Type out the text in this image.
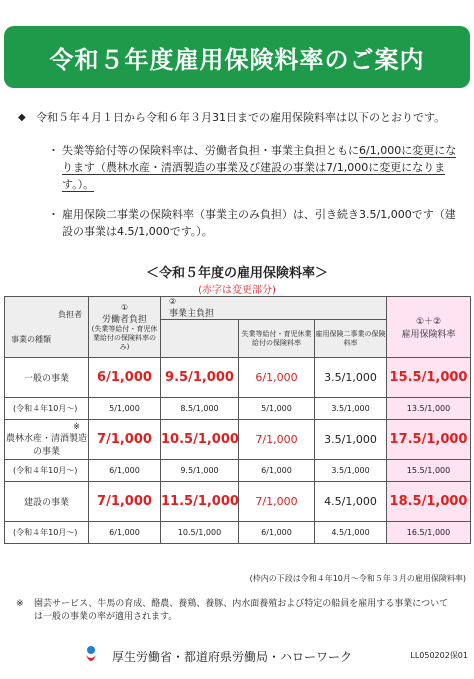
令和５年度雇用保険料率のご案内
◆ 令和５年４月１日から令和６年３月31日までの雇用保険料率は以下のとおりです。
・ 失業等給付等の保険料率は、労働者負担・事業主負担ともに6/1,000に変更になります（農林水産・清酒製造の事業及び建設の事業は7/1,000に変更になります。）。
・ 雇用保険二事業の保険料率（事業主のみ負担）は、引き続き3.5/1,000です（建設の事業は4.5/1,000です。）。
＜令和５年度の雇用保険料率＞
(赤字は変更部分)
負担者
事業の種類	①
労働者負担
(失業等給付・育児休業給付の保険料率のみ)	②
事業主負担			①＋②
雇用保険料率

			失業等給付・育児休業給付の保険料率	雇用保険二事業の保険料率	

一般の事業	6/1,000	9.5/1,000	6/1,000	3.5/1,000	15.5/1,000
(令和４年10月～)	5/1,000	8.5/1,000	5/1,000	3.5/1,000	13.5/1,000

※
農林水産・清酒製造の事業	7/1,000	10.5/1,000	7/1,000	3.5/1,000	17.5/1,000
(令和４年10月～)	6/1,000	9.5/1,000	6/1,000	3.5/1,000	15.5/1,000
建設の事業	7/1,000	11.5/1,000	7/1,000	4.5/1,000	18.5/1,000
(令和４年10月～)	6/1,000	10.5/1,000	6/1,000	4.5/1,000	16.5/1,000
(枠内の下段は令和４年10月～令和５年３月の雇用保険料率)
※ 園芸サービス、牛馬の育成、酪農、養鶏、養豚、内水面養殖および特定の船員を雇用する事業については一般の事業の率が適用されます。
厚生労働省・都道府県労働局・ハローワーク	LL050202保01
